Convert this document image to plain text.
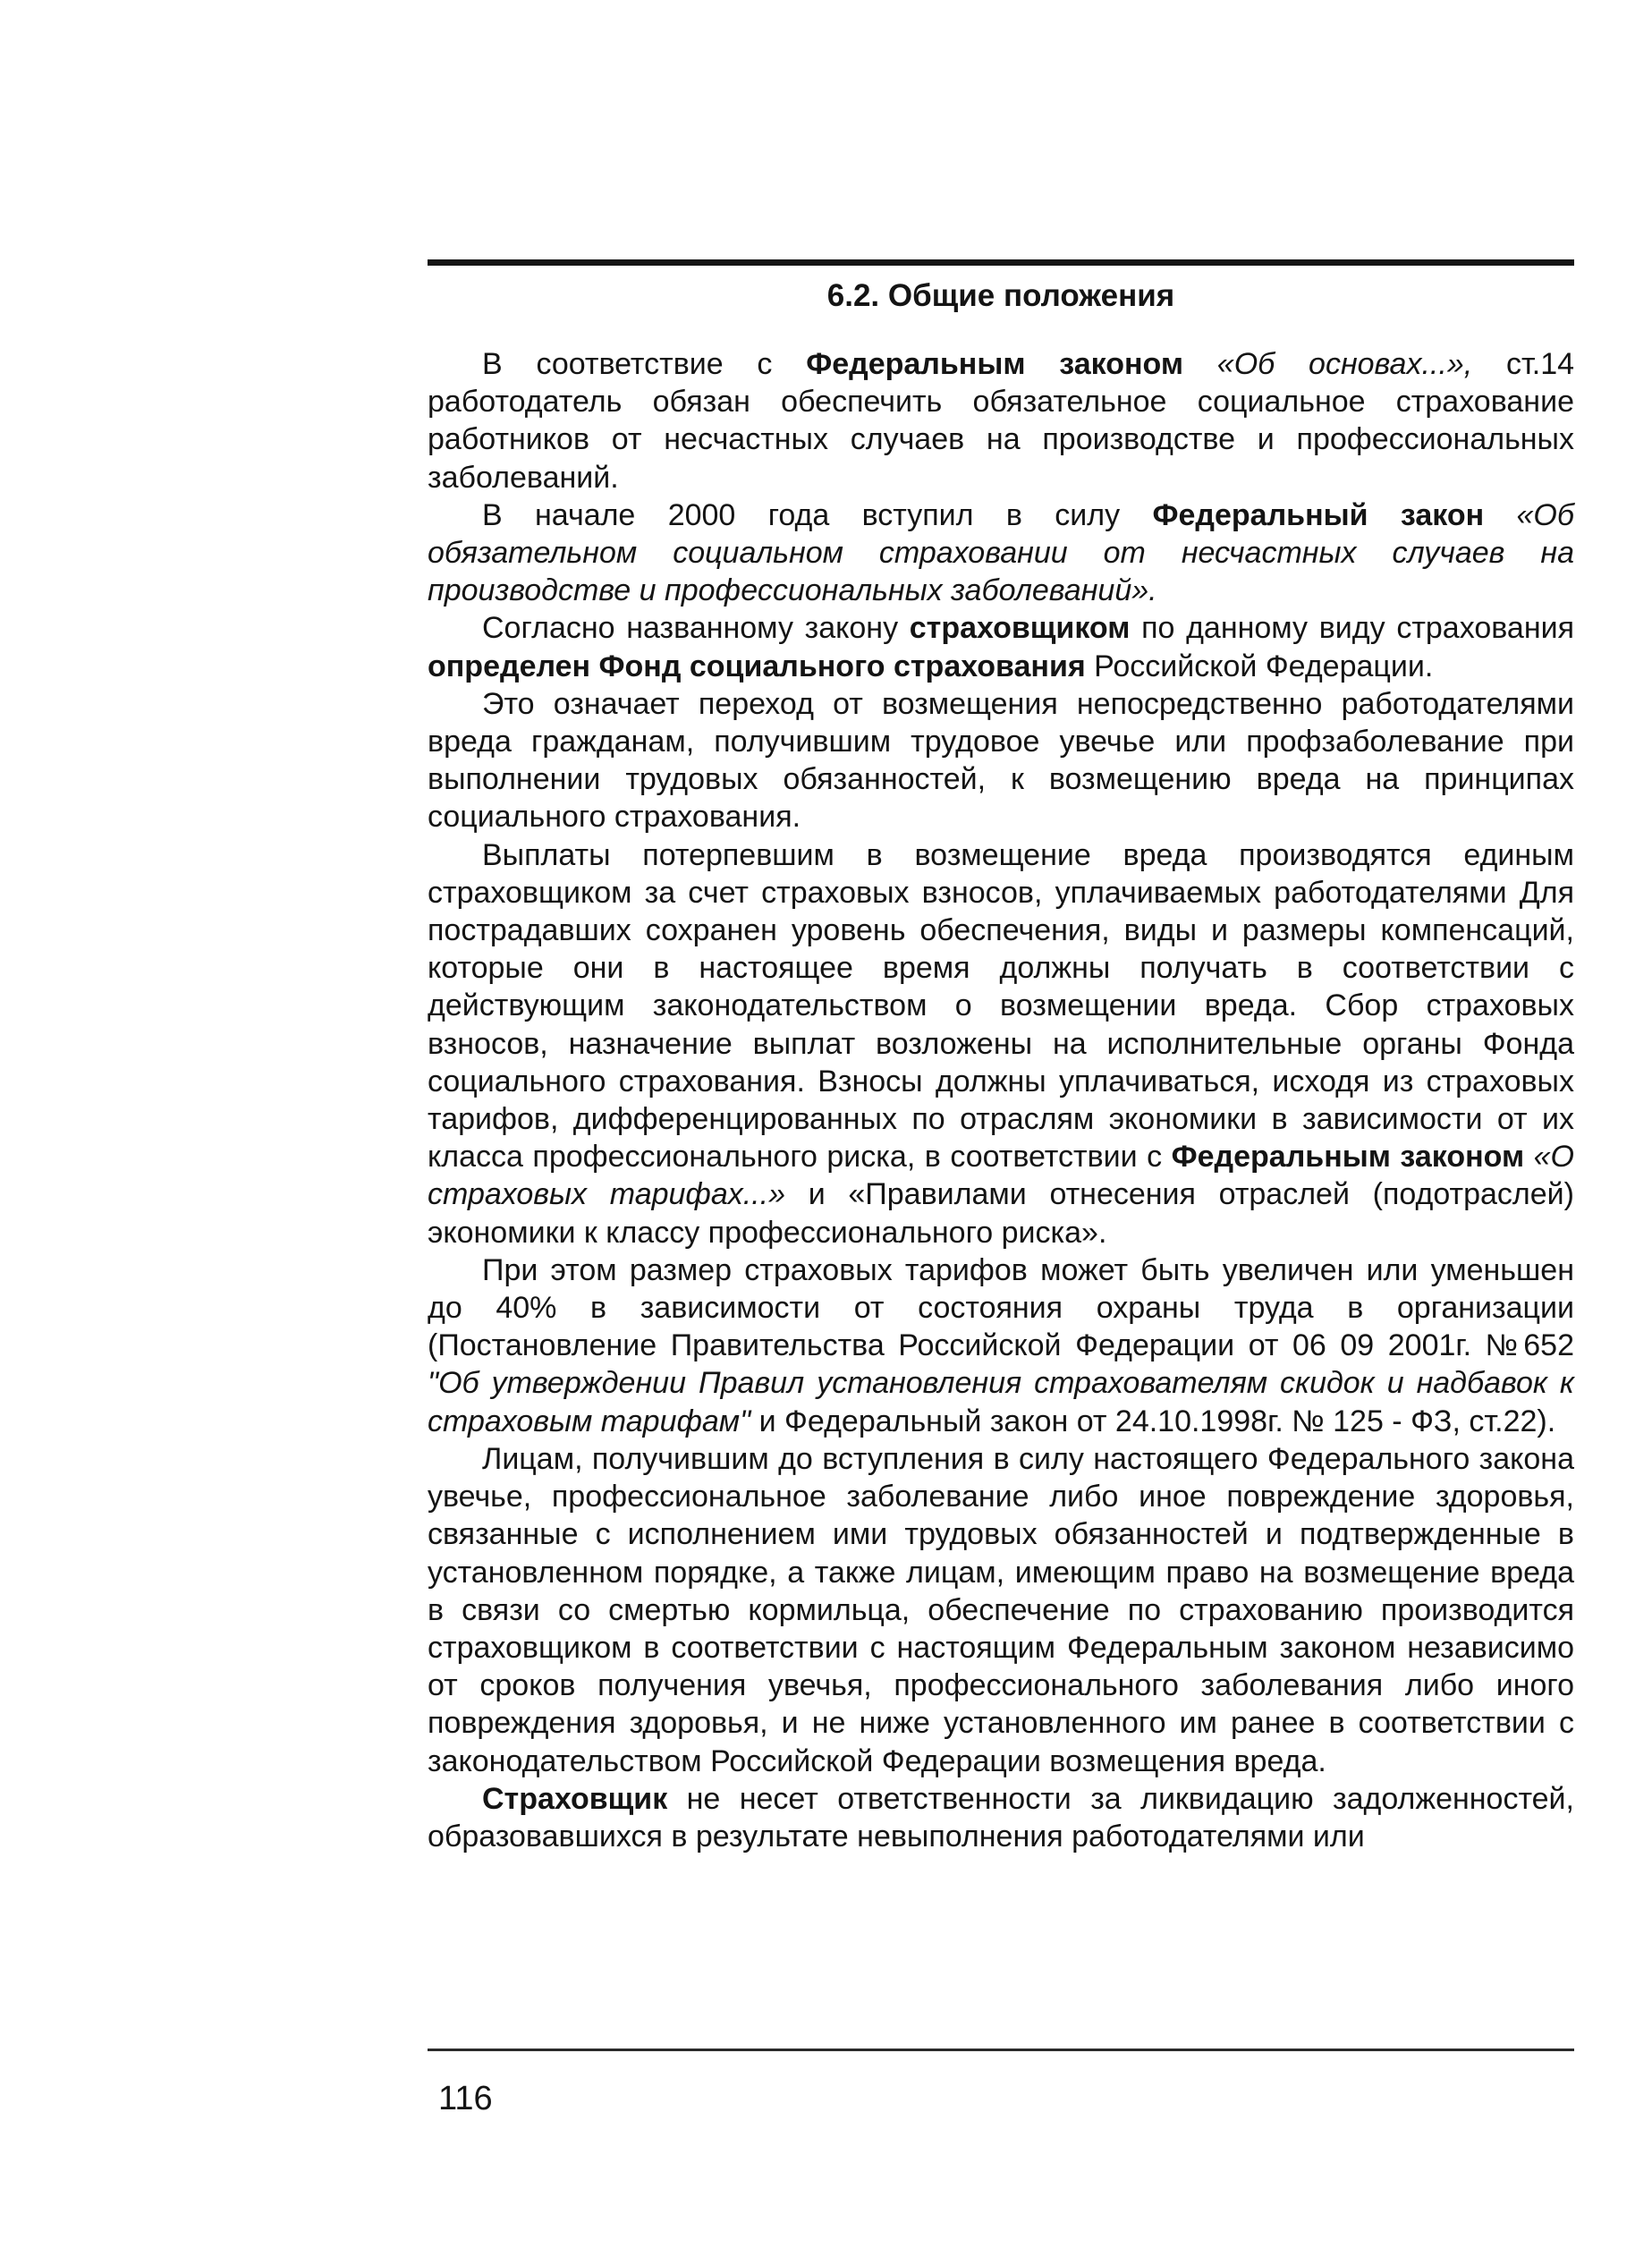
6.2. Общие положения

В соответствие с Федеральным законом «Об основах...», ст.14 работодатель обязан обеспечить обязательное социальное страхование работников от несчастных случаев на производстве и профессиональных заболеваний.

В начале 2000 года вступил в силу Федеральный закон «Об обязательном социальном страховании от несчастных случаев на производстве и профессиональных заболеваний».

Согласно названному закону страховщиком по данному виду страхования определен Фонд социального страхования Российской Федерации.

Это означает переход от возмещения непосредственно работодателями вреда гражданам, получившим трудовое увечье или профзаболевание при выполнении трудовых обязанностей, к возмещению вреда на принципах социального страхования.

Выплаты потерпевшим в возмещение вреда производятся единым страховщиком за счет страховых взносов, уплачиваемых работодателями Для пострадавших сохранен уровень обеспечения, виды и размеры компенсаций, которые они в настоящее время должны получать в соответствии с действующим законодательством о возмещении вреда. Сбор страховых взносов, назначение выплат возложены на исполнительные органы Фонда социального страхования. Взносы должны уплачиваться, исходя из страховых тарифов, дифференцированных по отраслям экономики в зависимости от их класса профессионального риска, в соответствии с Федеральным законом «О страховых тарифах...» и «Правилами отнесения отраслей (подотраслей) экономики к классу профессионального риска».

При этом размер страховых тарифов может быть увеличен или уменьшен до 40% в зависимости от состояния охраны труда в организации (Постановление Правительства Российской Федерации от 06 09 2001г. №652 "Об утверждении Правил установления страхователям скидок и надбавок к страховым тарифам" и Федеральный закон от 24.10.1998г. № 125 - ФЗ, ст.22).

Лицам, получившим до вступления в силу настоящего Федерального закона увечье, профессиональное заболевание либо иное повреждение здоровья, связанные с исполнением ими трудовых обязанностей и подтвержденные в установленном порядке, а также лицам, имеющим право на возмещение вреда в связи со смертью кормильца, обеспечение по страхованию производится страховщиком в соответствии с настоящим Федеральным законом независимо от сроков получения увечья, профессионального заболевания либо иного повреждения здоровья, и не ниже установленного им ранее в соответствии с законодательством Российской Федерации возмещения вреда.

Страховщик не несет ответственности за ликвидацию задолженностей, образовавшихся в результате невыполнения работодателями или

116
